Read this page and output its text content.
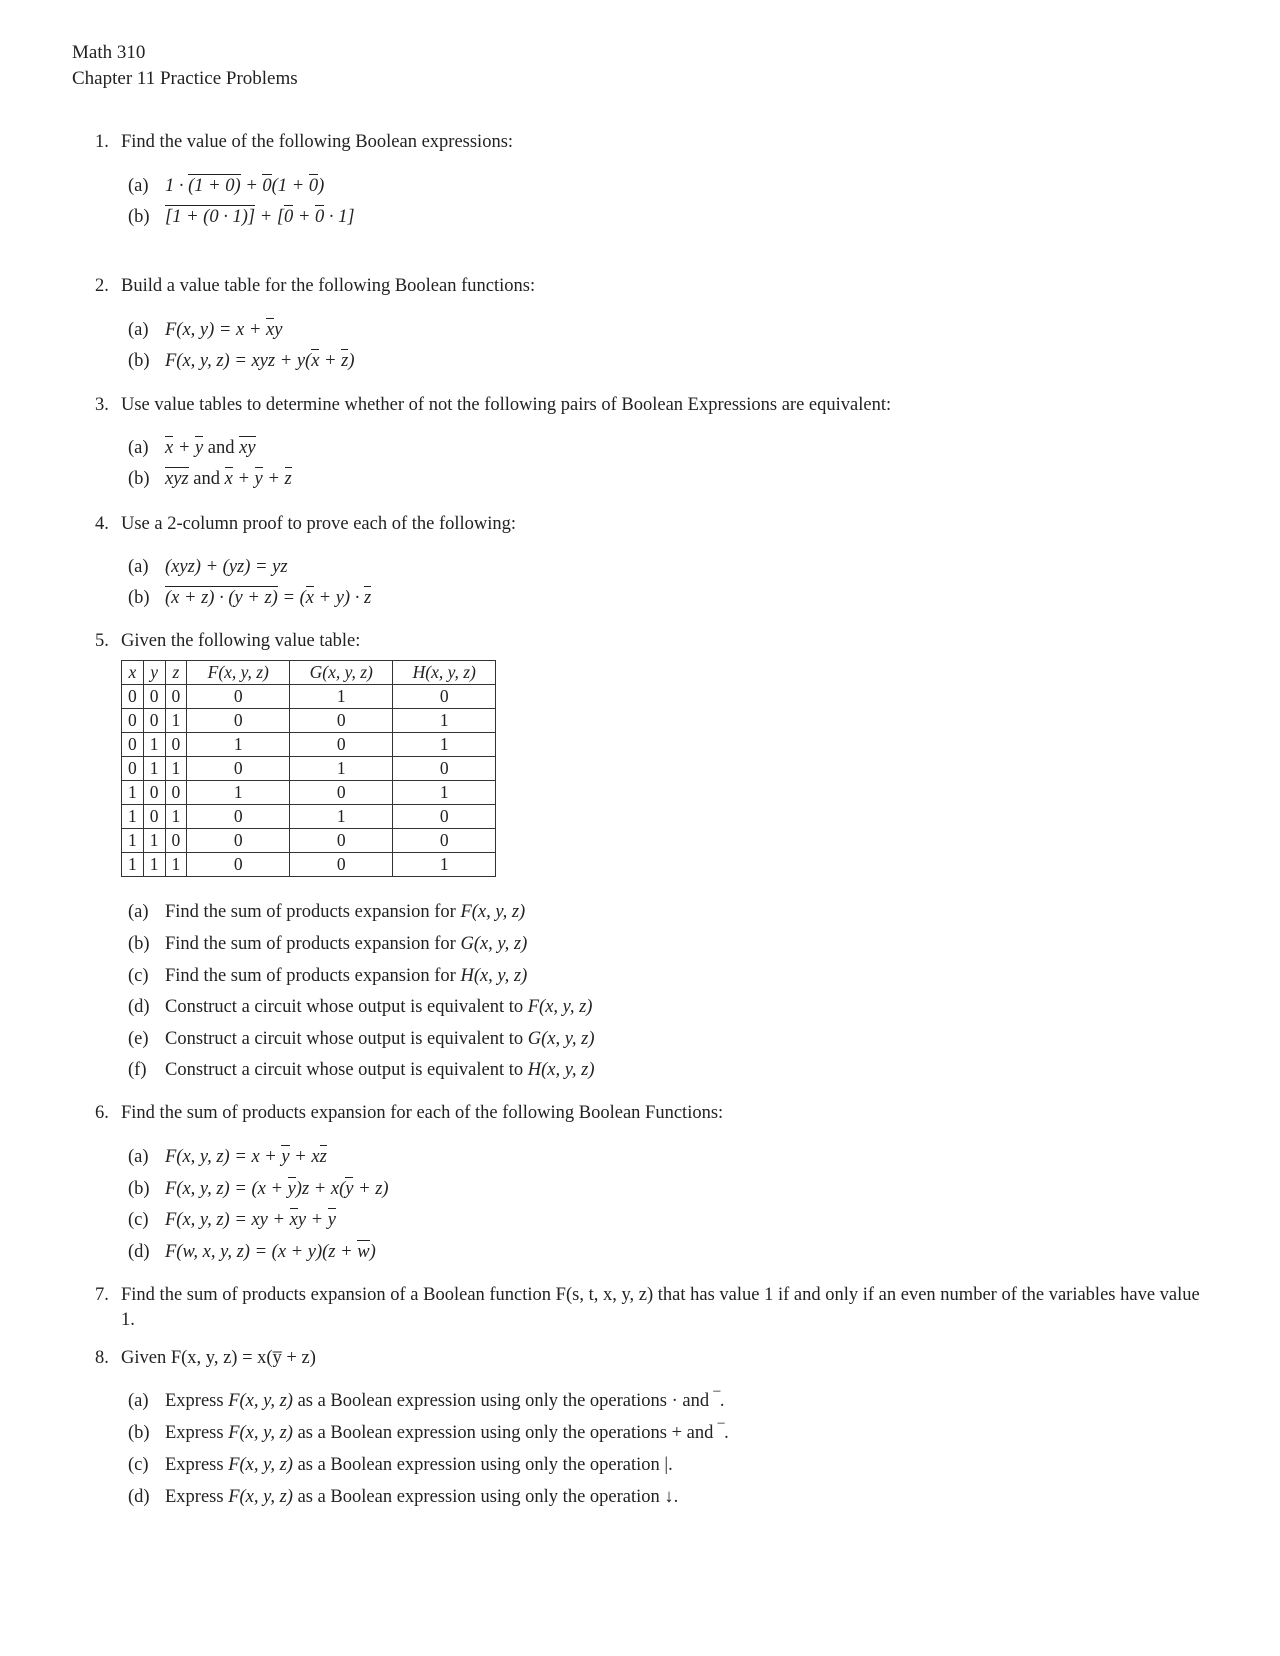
Math 310
Chapter 11 Practice Problems
1. Find the value of the following Boolean expressions:
(a) 1 · (1 + 0) + 0(1 + 0)
(b) [1 + (0 · 1)] + [0 + 0 · 1]
2. Build a value table for the following Boolean functions:
(a) F(x, y) = x + xy
(b) F(x, y, z) = xyz + y(x + z)
3. Use value tables to determine whether of not the following pairs of Boolean Expressions are equivalent:
(a) x + y and xy
(b) xyz and x + y + z
4. Use a 2-column proof to prove each of the following:
(a) (xyz) + (yz) = yz
(b) (x + z) · (y + z) = (x + y) · z
5. Given the following value table:
(a) Find the sum of products expansion for F(x, y, z)
(b) Find the sum of products expansion for G(x, y, z)
(c) Find the sum of products expansion for H(x, y, z)
(d) Construct a circuit whose output is equivalent to F(x, y, z)
(e) Construct a circuit whose output is equivalent to G(x, y, z)
(f) Construct a circuit whose output is equivalent to H(x, y, z)
6. Find the sum of products expansion for each of the following Boolean Functions:
(a) F(x, y, z) = x + y + xz
(b) F(x, y, z) = (x + y)z + x(y + z)
(c) F(x, y, z) = xy + xy + y
(d) F(w, x, y, z) = (x + y)(z + w)
7. Find the sum of products expansion of a Boolean function F(s, t, x, y, z) that has value 1 if and only if an even number of the variables have value 1.
8. Given F(x, y, z) = x(y̅ + z)
(a) Express F(x, y, z) as a Boolean expression using only the operations · and ‾.
(b) Express F(x, y, z) as a Boolean expression using only the operations + and ‾.
(c) Express F(x, y, z) as a Boolean expression using only the operation |.
(d) Express F(x, y, z) as a Boolean expression using only the operation ↓.
x	y	z	F(x, y, z)	G(x, y, z)	H(x, y, z)
0	0	0	0	1	0
0	0	1	0	0	1
0	1	0	1	0	1
0	1	1	0	1	0
1	0	0	1	0	1
1	0	1	0	1	0
1	1	0	0	0	0
1	1	1	0	0	1
